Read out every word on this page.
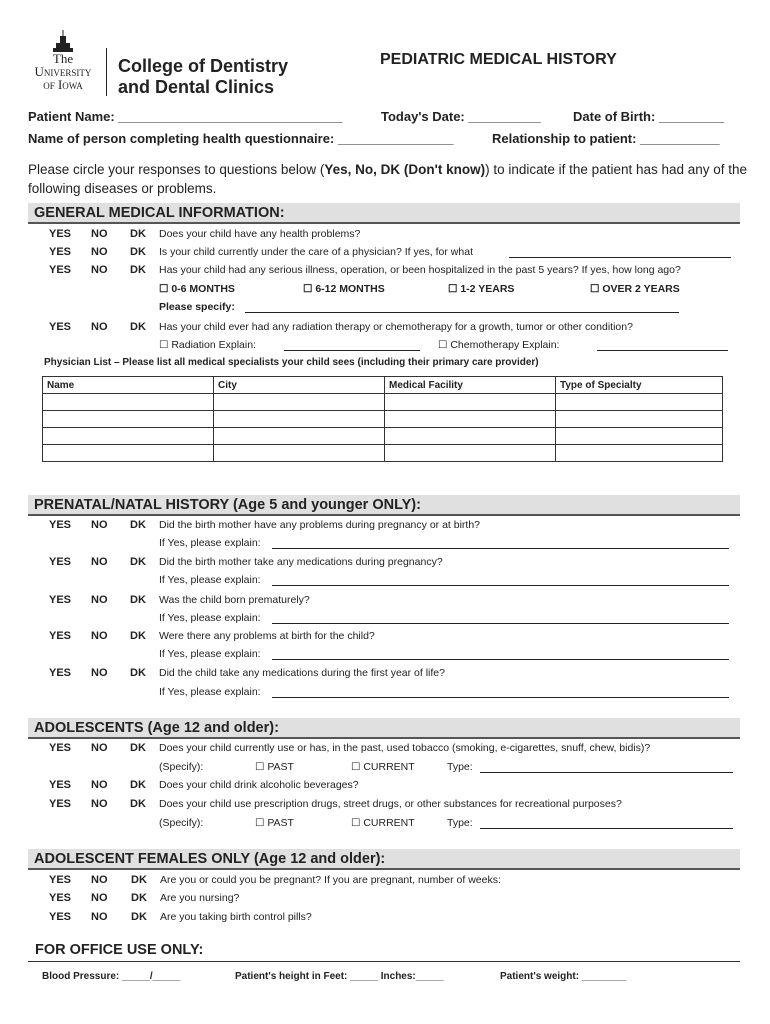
The
University
of Iowa
College of Dentistry
and Dental Clinics
PEDIATRIC MEDICAL HISTORY
Patient Name: _______________________________	Today's Date: __________ Date of Birth: _________
Name of person completing health questionnaire: ________________	Relationship to patient: ___________
Please circle your responses to questions below (Yes, No, DK (Don't know)) to indicate if the patient has had any of the following diseases or problems.
GENERAL MEDICAL INFORMATION:
YES NO DK Does your child have any health problems?
YES NO DK Is your child currently under the care of a physician? If yes, for what
YES NO DK Has your child had any serious illness, operation, or been hospitalized in the past 5 years? If yes, how long ago?
☐ 0-6 MONTHS	☐ 6-12 MONTHS	☐ 1-2 YEARS	☐ OVER 2 YEARS
Please specify:
YES NO DK Has your child ever had any radiation therapy or chemotherapy for a growth, tumor or other condition?
☐ Radiation Explain:	☐ Chemotherapy Explain:
Physician List – Please list all medical specialists your child sees (including their primary care provider)
Name	City	Medical Facility	Type of Specialty

PRENATAL/NATAL HISTORY (Age 5 and younger ONLY):
YES NO DK Did the birth mother have any problems during pregnancy or at birth?
If Yes, please explain:
YES NO DK Did the birth mother take any medications during pregnancy?
If Yes, please explain:
YES NO DK Was the child born prematurely?
If Yes, please explain:
YES NO DK Were there any problems at birth for the child?
If Yes, please explain:
YES NO DK Did the child take any medications during the first year of life?
If Yes, please explain:
ADOLESCENTS (Age 12 and older):
YES NO DK Does your child currently use or has, in the past, used tobacco (smoking, e-cigarettes, snuff, chew, bidis)?
(Specify):	☐ PAST	☐ CURRENT	Type:
YES NO DK Does your child drink alcoholic beverages?
YES NO DK Does your child use prescription drugs, street drugs, or other substances for recreational purposes?
(Specify):	☐ PAST	☐ CURRENT	Type:
ADOLESCENT FEMALES ONLY (Age 12 and older):
YES NO DK Are you or could you be pregnant? If you are pregnant, number of weeks:
YES NO DK Are you nursing?
YES NO DK Are you taking birth control pills?
FOR OFFICE USE ONLY:
Blood Pressure: _____/_____	Patient's height in Feet: _____ Inches:_____	Patient's weight: ________
